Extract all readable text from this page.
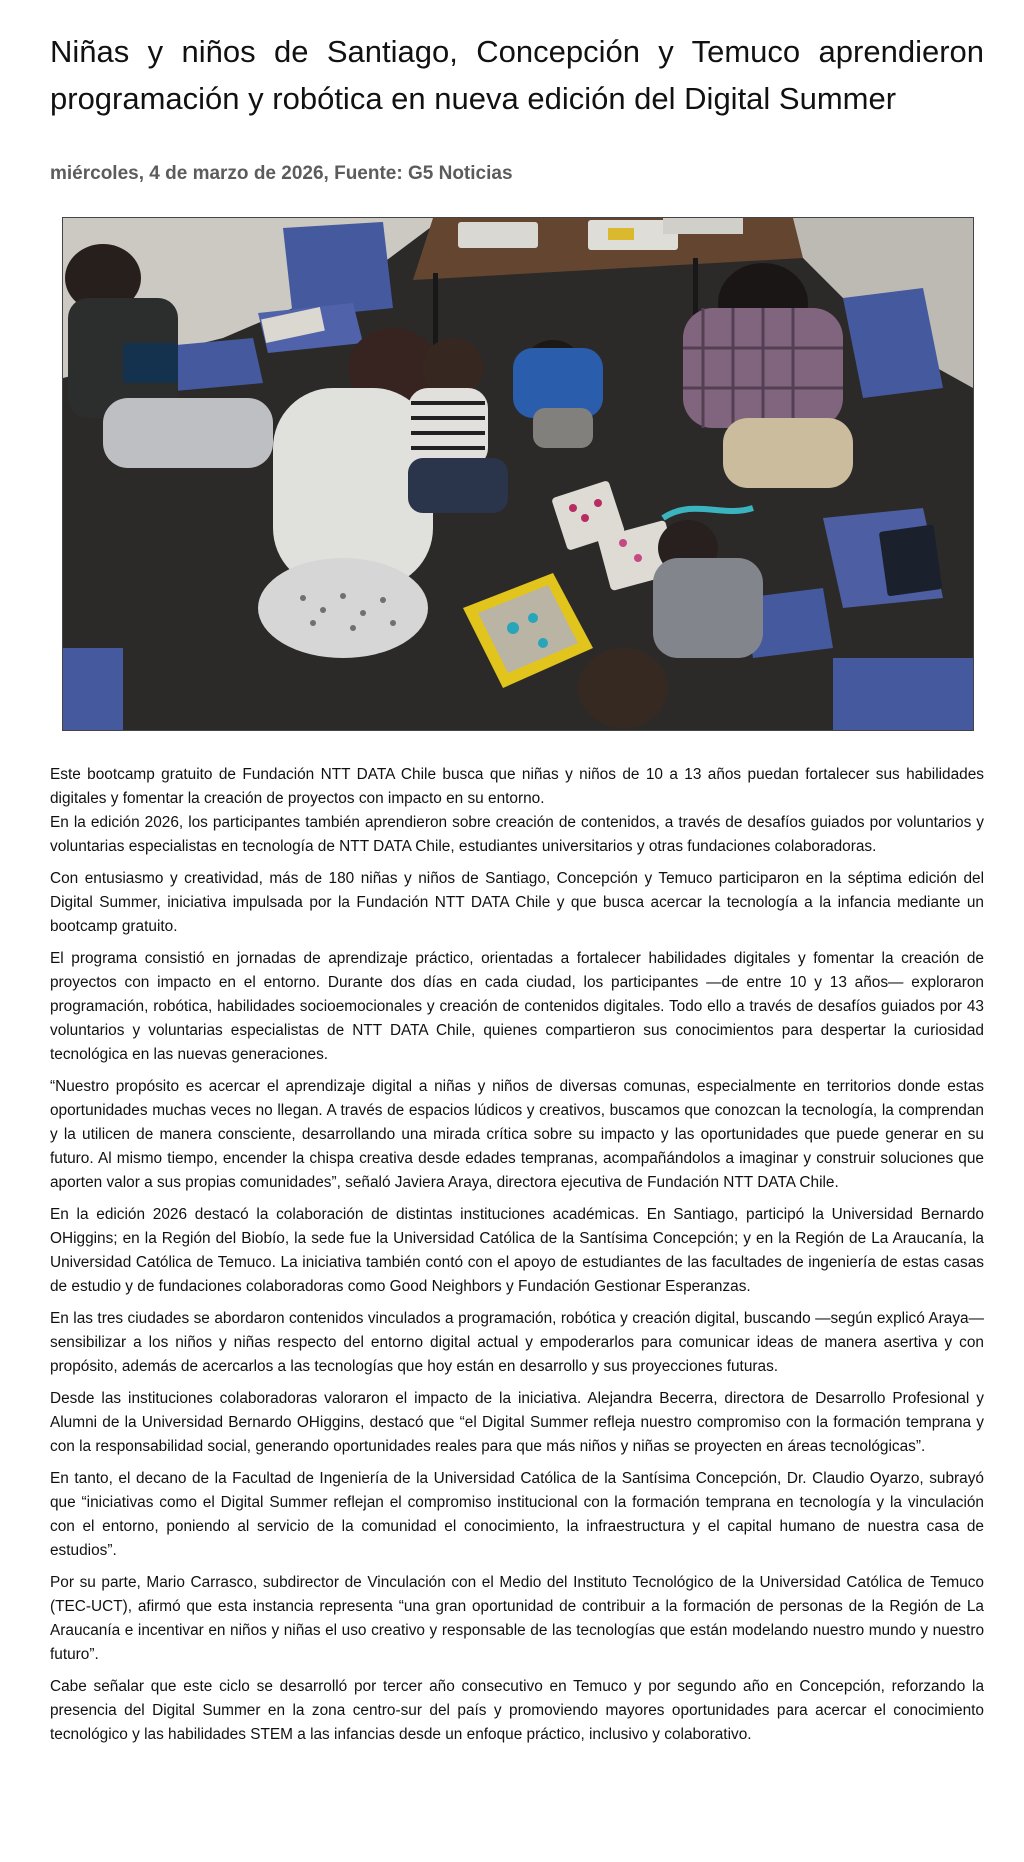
Niñas y niños de Santiago, Concepción y Temuco aprendieron programación y robótica en nueva edición del Digital Summer
miércoles, 4 de marzo de 2026, Fuente: G5 Noticias

Este bootcamp gratuito de Fundación NTT DATA Chile busca que niñas y niños de 10 a 13 años puedan fortalecer sus habilidades digitales y fomentar la creación de proyectos con impacto en su entorno.

En la edición 2026, los participantes también aprendieron sobre creación de contenidos, a través de desafíos guiados por voluntarios y voluntarias especialistas en tecnología de NTT DATA Chile, estudiantes universitarios y otras fundaciones colaboradoras.

Con entusiasmo y creatividad, más de 180 niñas y niños de Santiago, Concepción y Temuco participaron en la séptima edición del Digital Summer, iniciativa impulsada por la Fundación NTT DATA Chile y que busca acercar la tecnología a la infancia mediante un bootcamp gratuito.

El programa consistió en jornadas de aprendizaje práctico, orientadas a fortalecer habilidades digitales y fomentar la creación de proyectos con impacto en el entorno. Durante dos días en cada ciudad, los participantes —de entre 10 y 13 años— exploraron programación, robótica, habilidades socioemocionales y creación de contenidos digitales. Todo ello a través de desafíos guiados por 43 voluntarios y voluntarias especialistas de NTT DATA Chile, quienes compartieron sus conocimientos para despertar la curiosidad tecnológica en las nuevas generaciones.

“Nuestro propósito es acercar el aprendizaje digital a niñas y niños de diversas comunas, especialmente en territorios donde estas oportunidades muchas veces no llegan. A través de espacios lúdicos y creativos, buscamos que conozcan la tecnología, la comprendan y la utilicen de manera consciente, desarrollando una mirada crítica sobre su impacto y las oportunidades que puede generar en su futuro. Al mismo tiempo, encender la chispa creativa desde edades tempranas, acompañándolos a imaginar y construir soluciones que aporten valor a sus propias comunidades”, señaló Javiera Araya, directora ejecutiva de Fundación NTT DATA Chile.

En la edición 2026 destacó la colaboración de distintas instituciones académicas. En Santiago, participó la Universidad Bernardo OHiggins; en la Región del Biobío, la sede fue la Universidad Católica de la Santísima Concepción; y en la Región de La Araucanía, la Universidad Católica de Temuco. La iniciativa también contó con el apoyo de estudiantes de las facultades de ingeniería de estas casas de estudio y de fundaciones colaboradoras como Good Neighbors y Fundación Gestionar Esperanzas.

En las tres ciudades se abordaron contenidos vinculados a programación, robótica y creación digital, buscando —según explicó Araya— sensibilizar a los niños y niñas respecto del entorno digital actual y empoderarlos para comunicar ideas de manera asertiva y con propósito, además de acercarlos a las tecnologías que hoy están en desarrollo y sus proyecciones futuras.

Desde las instituciones colaboradoras valoraron el impacto de la iniciativa. Alejandra Becerra, directora de Desarrollo Profesional y Alumni de la Universidad Bernardo OHiggins, destacó que “el Digital Summer refleja nuestro compromiso con la formación temprana y con la responsabilidad social, generando oportunidades reales para que más niños y niñas se proyecten en áreas tecnológicas”.

En tanto, el decano de la Facultad de Ingeniería de la Universidad Católica de la Santísima Concepción, Dr. Claudio Oyarzo, subrayó que “iniciativas como el Digital Summer reflejan el compromiso institucional con la formación temprana en tecnología y la vinculación con el entorno, poniendo al servicio de la comunidad el conocimiento, la infraestructura y el capital humano de nuestra casa de estudios”.

Por su parte, Mario Carrasco, subdirector de Vinculación con el Medio del Instituto Tecnológico de la Universidad Católica de Temuco (TEC-UCT), afirmó que esta instancia representa “una gran oportunidad de contribuir a la formación de personas de la Región de La Araucanía e incentivar en niños y niñas el uso creativo y responsable de las tecnologías que están modelando nuestro mundo y nuestro futuro”.

Cabe señalar que este ciclo se desarrolló por tercer año consecutivo en Temuco y por segundo año en Concepción, reforzando la presencia del Digital Summer en la zona centro-sur del país y promoviendo mayores oportunidades para acercar el conocimiento tecnológico y las habilidades STEM a las infancias desde un enfoque práctico, inclusivo y colaborativo.
